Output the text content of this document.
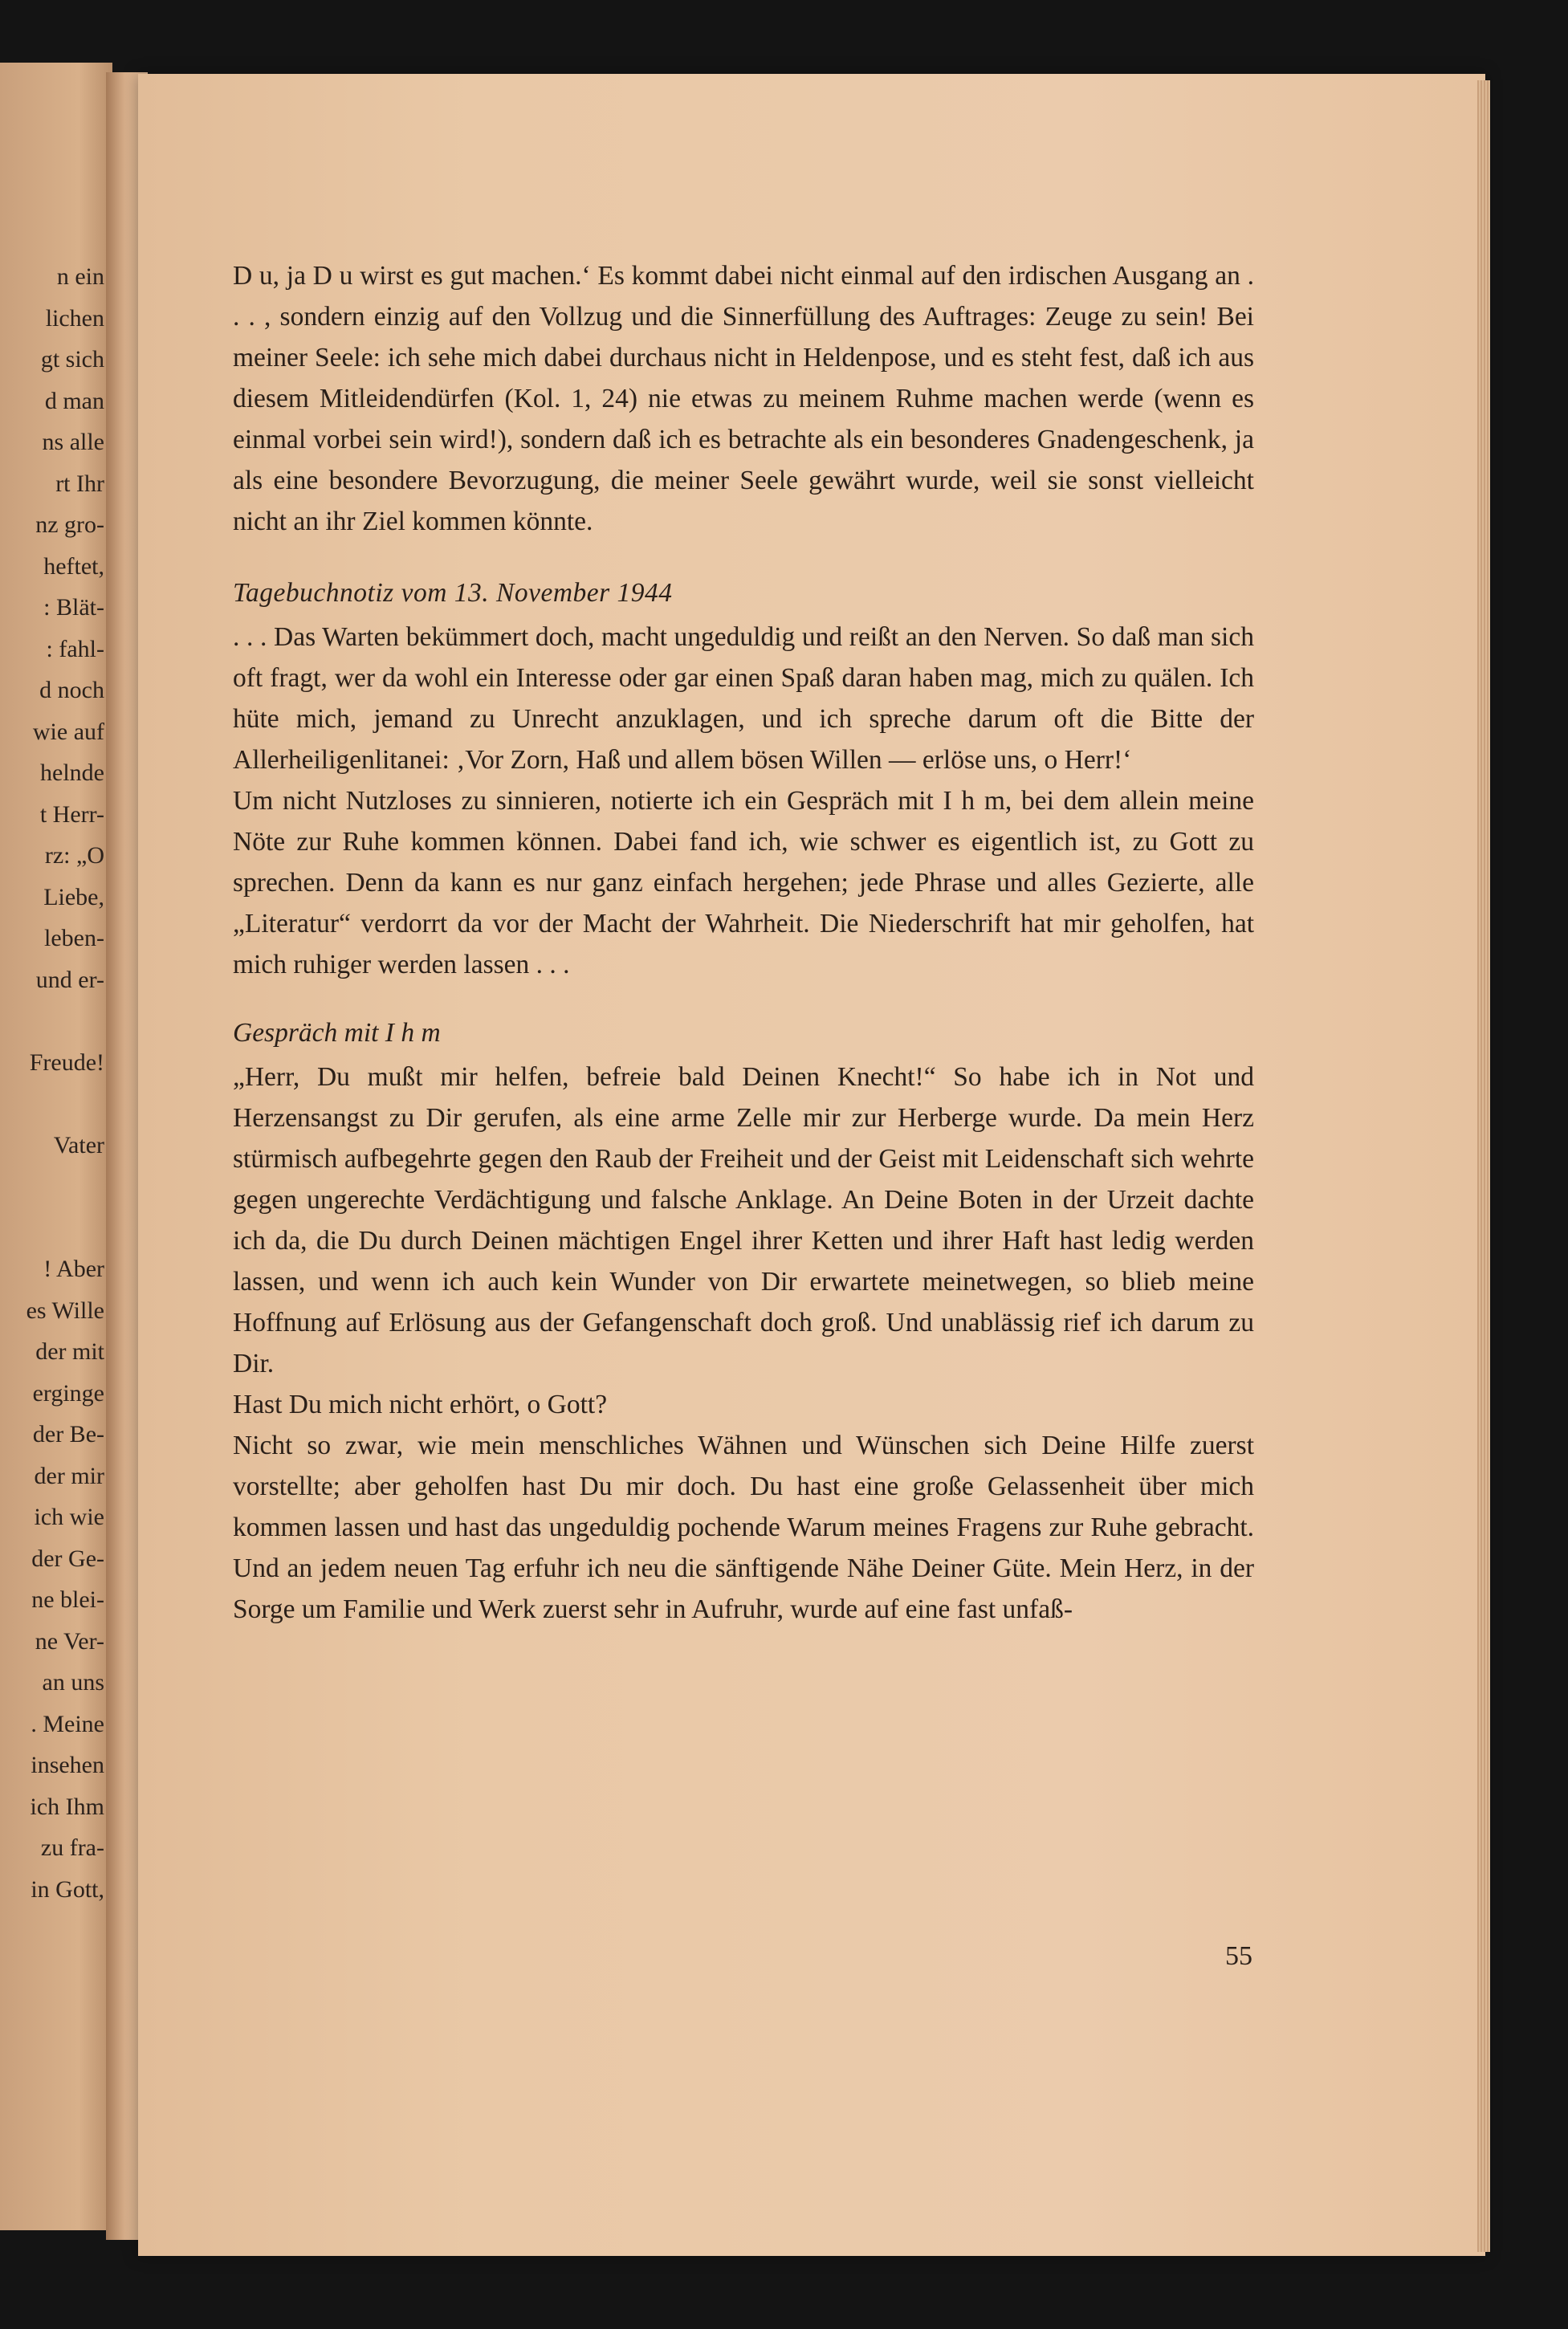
n ein
lichen
gt sich
d man
ns alle
rt Ihr
nz gro-
heftet,
: Blät-
: fahl-
d noch
wie auf
helnde
t Herr-
rz: „O
Liebe,
leben-
und er-
Freude!
Vater
! Aber
es Wille
der mit
erginge
der Be-
der mir
ich wie
der Ge-
ne blei-
ne Ver-
an uns
. Meine
insehen
ich Ihm
zu fra-
in Gott,

D u, ja D u wirst es gut machen.‘ Es kommt dabei nicht einmal auf den irdischen Ausgang an . . . , sondern einzig auf den Vollzug und die Sinnerfüllung des Auftrages: Zeuge zu sein! Bei meiner Seele: ich sehe mich dabei durchaus nicht in Heldenpose, und es steht fest, daß ich aus diesem Mitleidendürfen (Kol. 1, 24) nie etwas zu meinem Ruhme machen werde (wenn es einmal vorbei sein wird!), sondern daß ich es betrachte als ein besonderes Gnadengeschenk, ja als eine besondere Bevorzugung, die meiner Seele gewährt wurde, weil sie sonst vielleicht nicht an ihr Ziel kommen könnte.

Tagebuchnotiz vom 13. November 1944

. . . Das Warten bekümmert doch, macht ungeduldig und reißt an den Nerven. So daß man sich oft fragt, wer da wohl ein Interesse oder gar einen Spaß daran haben mag, mich zu quälen. Ich hüte mich, jemand zu Unrecht anzuklagen, und ich spreche darum oft die Bitte der Allerheiligenlitanei: ‚Vor Zorn, Haß und allem bösen Willen — erlöse uns, o Herr!‘

Um nicht Nutzloses zu sinnieren, notierte ich ein Gespräch mit I h m, bei dem allein meine Nöte zur Ruhe kommen können. Dabei fand ich, wie schwer es eigentlich ist, zu Gott zu sprechen. Denn da kann es nur ganz einfach hergehen; jede Phrase und alles Gezierte, alle „Literatur“ verdorrt da vor der Macht der Wahrheit. Die Niederschrift hat mir geholfen, hat mich ruhiger werden lassen . . .

Gespräch mit I h m

„Herr, Du mußt mir helfen, befreie bald Deinen Knecht!“ So habe ich in Not und Herzensangst zu Dir gerufen, als eine arme Zelle mir zur Herberge wurde. Da mein Herz stürmisch aufbegehrte gegen den Raub der Freiheit und der Geist mit Leidenschaft sich wehrte gegen ungerechte Verdächtigung und falsche Anklage. An Deine Boten in der Urzeit dachte ich da, die Du durch Deinen mächtigen Engel ihrer Ketten und ihrer Haft hast ledig werden lassen, und wenn ich auch kein Wunder von Dir erwartete meinetwegen, so blieb meine Hoffnung auf Erlösung aus der Gefangenschaft doch groß. Und unablässig rief ich darum zu Dir.

Hast Du mich nicht erhört, o Gott?

Nicht so zwar, wie mein menschliches Wähnen und Wünschen sich Deine Hilfe zuerst vorstellte; aber geholfen hast Du mir doch. Du hast eine große Gelassenheit über mich kommen lassen und hast das ungeduldig pochende Warum meines Fragens zur Ruhe gebracht. Und an jedem neuen Tag erfuhr ich neu die sänftigende Nähe Deiner Güte. Mein Herz, in der Sorge um Familie und Werk zuerst sehr in Aufruhr, wurde auf eine fast unfaß-

55
